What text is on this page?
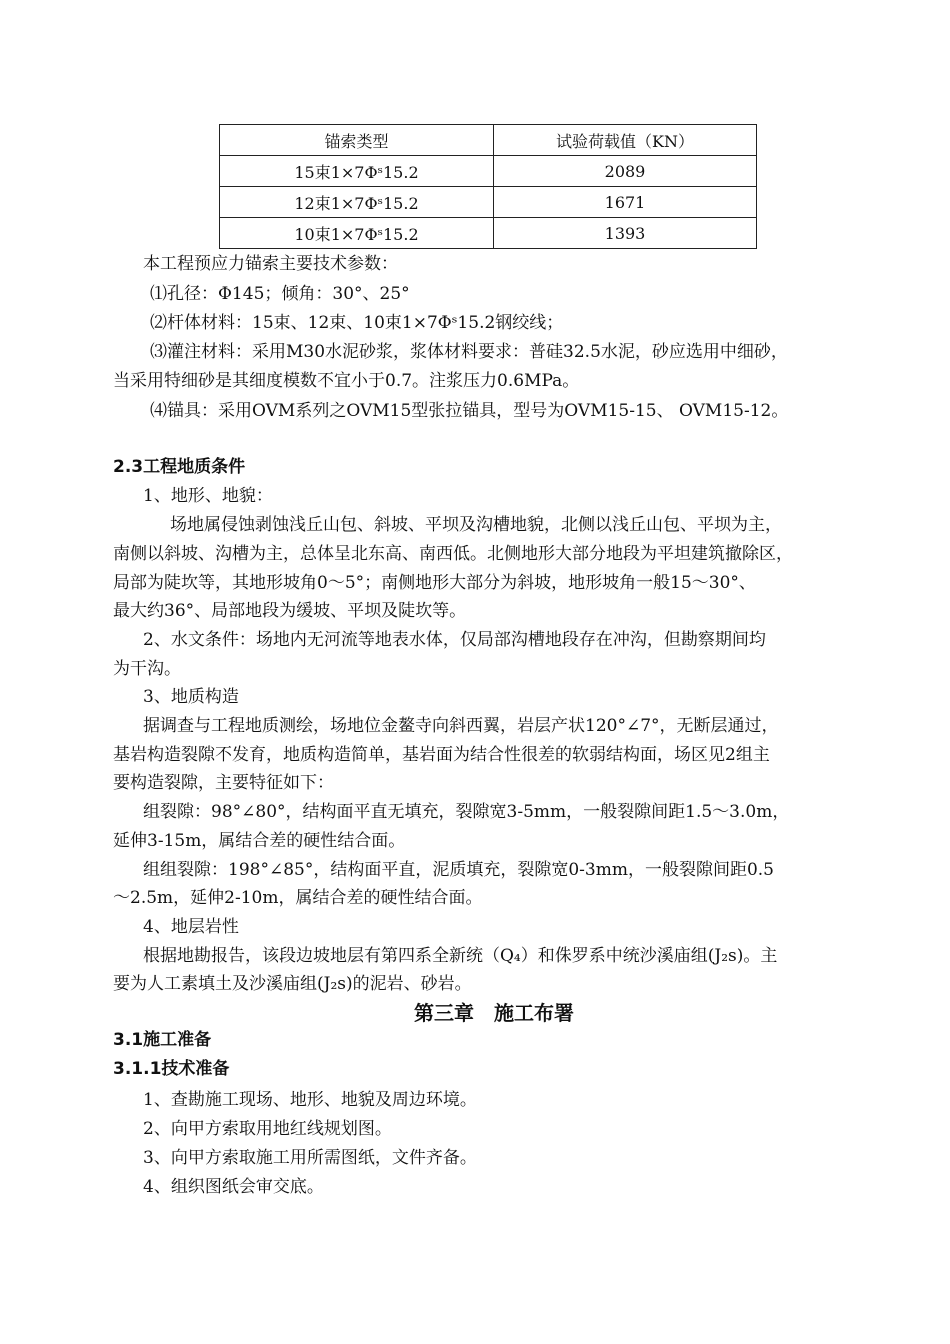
锚索类型	试验荷载值（KN）
15束1×7Φˢ15.2	2089
12束1×7Φˢ15.2	1671
10束1×7Φˢ15.2	1393
本工程预应力锚索主要技术参数：
⑴孔径：Φ145；倾角：30°、25°
⑵杆体材料：15束、12束、10束1×7Φˢ15.2钢绞线；
⑶灌注材料：采用M30水泥砂浆，浆体材料要求：普硅32.5水泥，砂应选用中细砂，
当采用特细砂是其细度模数不宜小于0.7。注浆压力0.6MPa。
⑷锚具：采用OVM系列之OVM15型张拉锚具，型号为OVM15-15、 OVM15-12。
2.3工程地质条件
1、地形、地貌：
场地属侵蚀剥蚀浅丘山包、斜坡、平坝及沟槽地貌，北侧以浅丘山包、平坝为主，
南侧以斜坡、沟槽为主，总体呈北东高、南西低。北侧地形大部分地段为平坦建筑撤除区，
局部为陡坎等，其地形坡角0～5°；南侧地形大部分为斜坡，地形坡角一般15～30°、
最大约36°、局部地段为缓坡、平坝及陡坎等。
2、水文条件：场地内无河流等地表水体，仅局部沟槽地段存在冲沟，但勘察期间均
为干沟。
3、地质构造
据调查与工程地质测绘，场地位金鳌寺向斜西翼，岩层产状120°∠7°，无断层通过，
基岩构造裂隙不发育，地质构造简单，基岩面为结合性很差的软弱结构面，场区见2组主
要构造裂隙，主要特征如下：
组裂隙：98°∠80°，结构面平直无填充，裂隙宽3-5mm，一般裂隙间距1.5～3.0m，
延伸3-15m，属结合差的硬性结合面。
组组裂隙：198°∠85°，结构面平直，泥质填充，裂隙宽0-3mm，一般裂隙间距0.5
～2.5m，延伸2-10m，属结合差的硬性结合面。
4、地层岩性
根据地勘报告，该段边坡地层有第四系全新统（Q₄）和侏罗系中统沙溪庙组(J₂s)。主
要为人工素填土及沙溪庙组(J₂s)的泥岩、砂岩。
第三章　施工布署
3.1施工准备
3.1.1技术准备
1、查勘施工现场、地形、地貌及周边环境。
2、向甲方索取用地红线规划图。
3、向甲方索取施工用所需图纸，文件齐备。
4、组织图纸会审交底。
